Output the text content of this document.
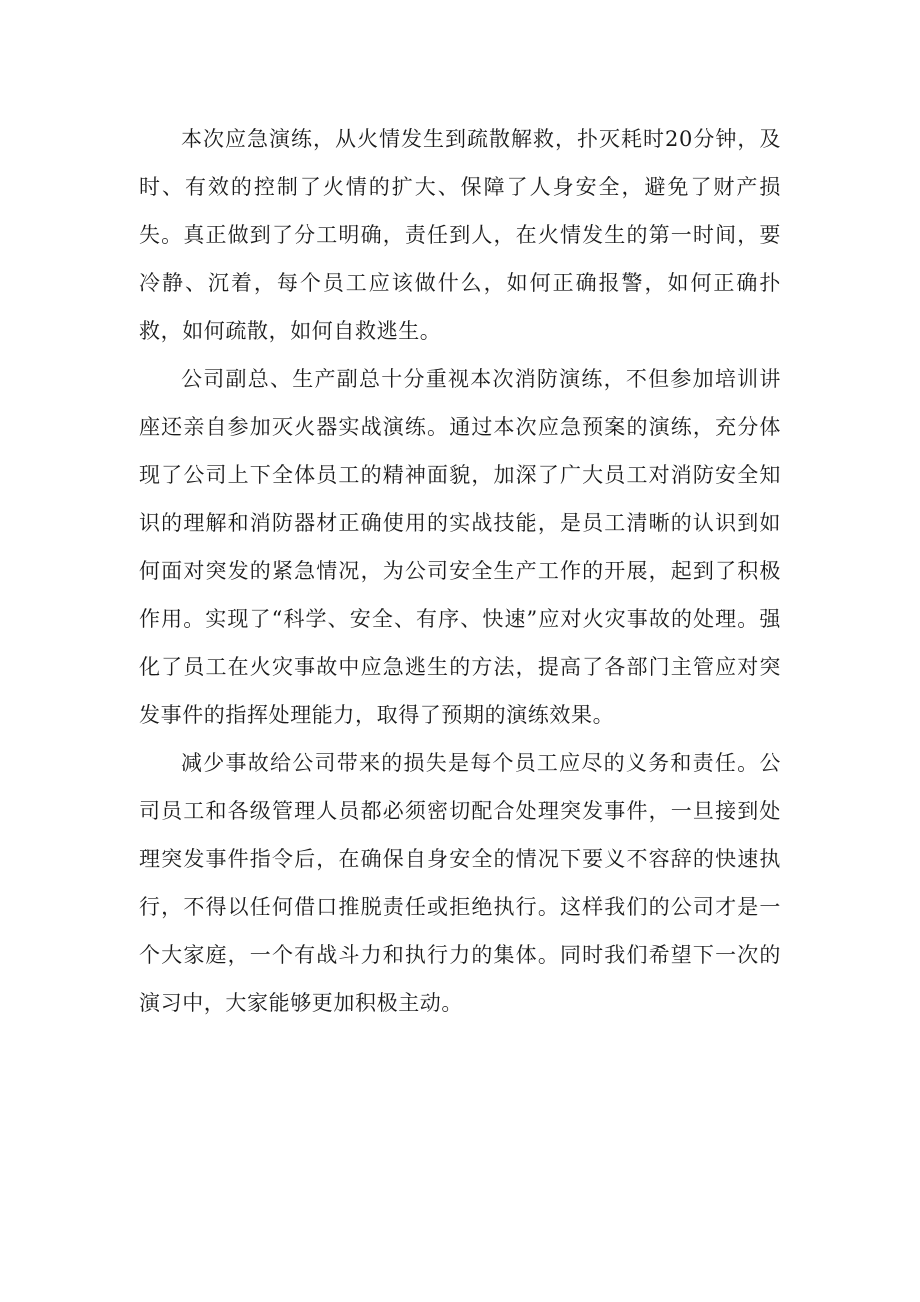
本次应急演练，从火情发生到疏散解救，扑灭耗时20分钟，及时、有效的控制了火情的扩大、保障了人身安全，避免了财产损失。真正做到了分工明确，责任到人，在火情发生的第一时间，要冷静、沉着，每个员工应该做什么，如何正确报警，如何正确扑救，如何疏散，如何自救逃生。

公司副总、生产副总十分重视本次消防演练，不但参加培训讲座还亲自参加灭火器实战演练。通过本次应急预案的演练，充分体现了公司上下全体员工的精神面貌，加深了广大员工对消防安全知识的理解和消防器材正确使用的实战技能，是员工清晰的认识到如何面对突发的紧急情况，为公司安全生产工作的开展，起到了积极作用。实现了“科学、安全、有序、快速”应对火灾事故的处理。强化了员工在火灾事故中应急逃生的方法，提高了各部门主管应对突发事件的指挥处理能力，取得了预期的演练效果。

减少事故给公司带来的损失是每个员工应尽的义务和责任。公司员工和各级管理人员都必须密切配合处理突发事件，一旦接到处理突发事件指令后，在确保自身安全的情况下要义不容辞的快速执行，不得以任何借口推脱责任或拒绝执行。这样我们的公司才是一个大家庭，一个有战斗力和执行力的集体。同时我们希望下一次的演习中，大家能够更加积极主动。
